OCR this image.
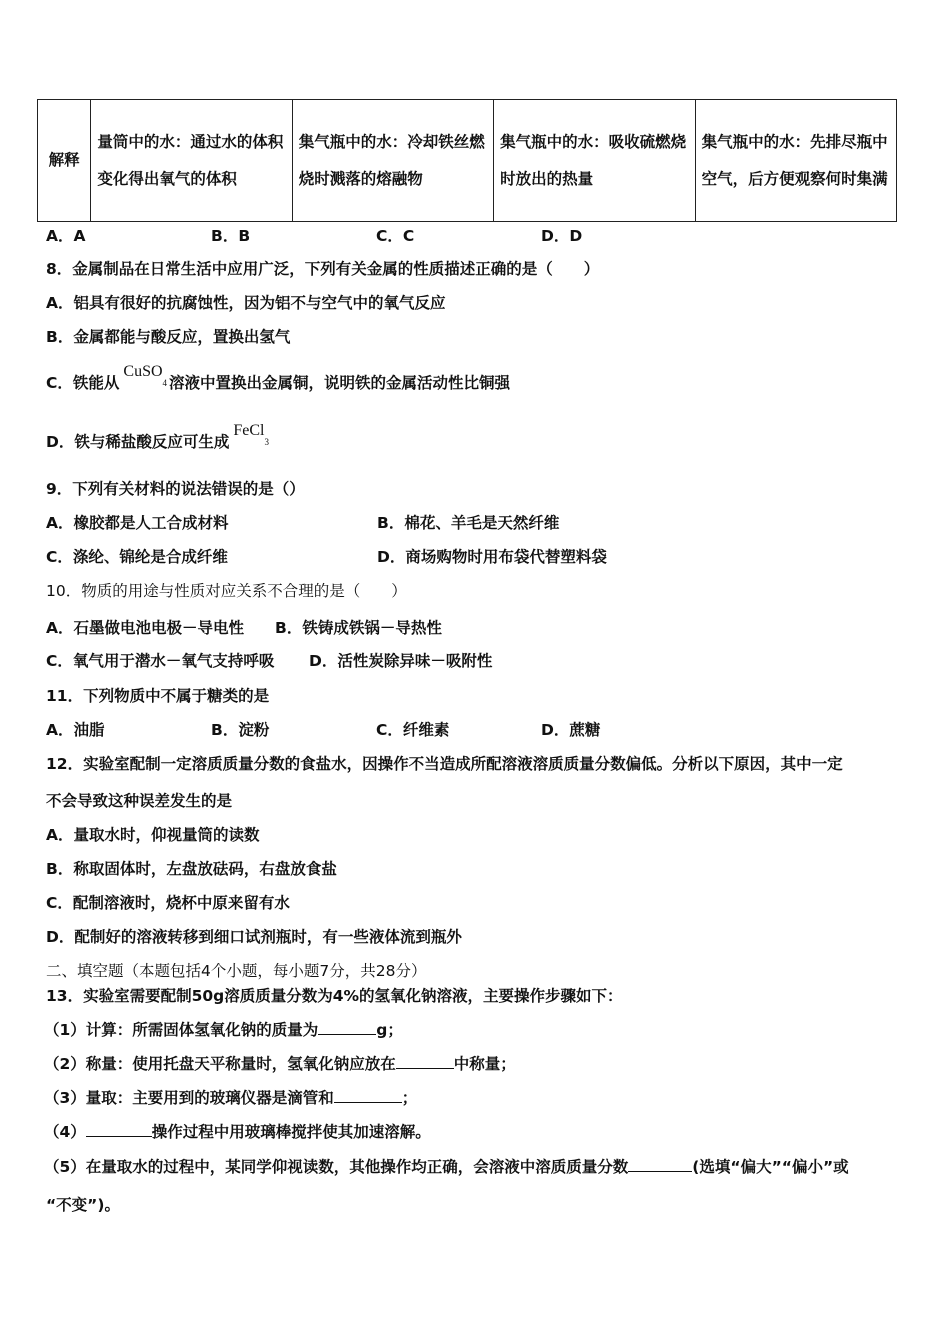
解释	量筒中的水：通过水的体积变化得出氧气的体积	集气瓶中的水：冷却铁丝燃烧时溅落的熔融物	集气瓶中的水：吸收硫燃烧时放出的热量	集气瓶中的水：先排尽瓶中空气，后方便观察何时集满
A．A	B．B	C．C	D．D
8．金属制品在日常生活中应用广泛，下列有关金属的性质描述正确的是（　　）
A．铝具有很好的抗腐蚀性，因为铝不与空气中的氧气反应
B．金属都能与酸反应，置换出氢气
C．铁能从CuSO$_4$ 溶液中置换出金属铜，说明铁的金属活动性比铜强
D．铁与稀盐酸反应可生成FeCl$_3$
9．下列有关材料的说法错误的是（）
A．橡胶都是人工合成材料	B．棉花、羊毛是天然纤维
C．涤纶、锦纶是合成纤维	D．商场购物时用布袋代替塑料袋
10．物质的用途与性质对应关系不合理的是（　　）
A．石墨做电池电极－导电性 B．铁铸成铁锅－导热性
C．氧气用于潜水－氧气支持呼吸 D．活性炭除异味－吸附性
11．下列物质中不属于糖类的是
A．油脂	B．淀粉	C．纤维素	D．蔗糖
12．实验室配制一定溶质质量分数的食盐水，因操作不当造成所配溶液溶质质量分数偏低。分析以下原因，其中一定
不会导致这种误差发生的是
A．量取水时，仰视量筒的读数
B．称取固体时，左盘放砝码，右盘放食盐
C．配制溶液时，烧杯中原来留有水
D．配制好的溶液转移到细口试剂瓶时，有一些液体流到瓶外
二、填空题（本题包括4个小题，每小题7分，共28分）
13．实验室需要配制50g溶质质量分数为4%的氢氧化钠溶液，主要操作步骤如下：
（1）计算：所需固体氢氧化钠的质量为	g；
（2）称量：使用托盘天平称量时，氢氧化钠应放在	中称量；
（3）量取：主要用到的玻璃仪器是滴管和	；
（4）	操作过程中用玻璃棒搅拌使其加速溶解。
（5）在量取水的过程中，某同学仰视读数，其他操作均正确，会溶液中溶质质量分数	(选填“偏大”“偏小”或
“不变”)。
